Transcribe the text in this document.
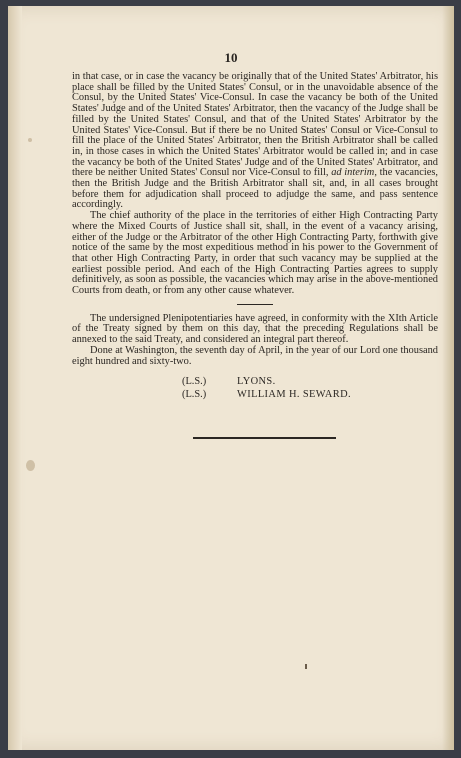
10

in that case, or in case the vacancy be originally that of the United States' Arbitrator, his place shall be filled by the United States' Consul, or in the unavoidable absence of the Consul, by the United States' Vice-Consul. In case the vacancy be both of the United States' Judge and of the United States' Arbitrator, then the vacancy of the Judge shall be filled by the United States' Consul, and that of the United States' Arbitrator by the United States' Vice-Consul. But if there be no United States' Consul or Vice-Consul to fill the place of the United States' Arbitrator, then the British Arbitrator shall be called in, in those cases in which the United States' Arbitrator would be called in; and in case the vacancy be both of the United States' Judge and of the United States' Arbitrator, and there be neither United States' Consul nor Vice-Consul to fill, ad interim, the vacancies, then the British Judge and the British Arbitrator shall sit, and, in all cases brought before them for adjudication shall proceed to adjudge the same, and pass sentence accordingly.

The chief authority of the place in the territories of either High Contracting Party where the Mixed Courts of Justice shall sit, shall, in the event of a vacancy arising, either of the Judge or the Arbitrator of the other High Contracting Party, forthwith give notice of the same by the most expeditious method in his power to the Government of that other High Contracting Party, in order that such vacancy may be supplied at the earliest possible period. And each of the High Contracting Parties agrees to supply definitively, as soon as possible, the vacancies which may arise in the above-mentioned Courts from death, or from any other cause whatever.

The undersigned Plenipotentiaries have agreed, in conformity with the XIth Article of the Treaty signed by them on this day, that the preceding Regulations shall be annexed to the said Treaty, and considered an integral part thereof.

Done at Washington, the seventh day of April, in the year of our Lord one thousand eight hundred and sixty-two.

(L.S.)	LYONS.
(L.S.)	WILLIAM H. SEWARD.
